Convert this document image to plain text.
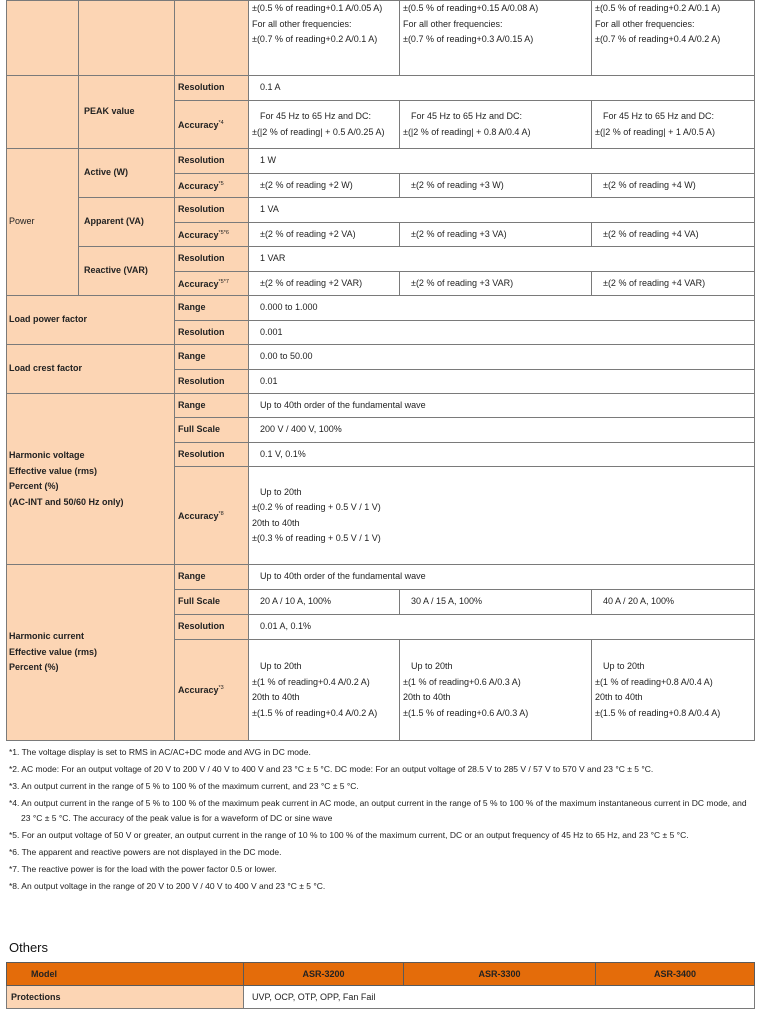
			±(0.5 % of reading+0.1 A/0.05 A)
For all other frequencies:
±(0.7 % of reading+0.2 A/0.1 A)	±(0.5 % of reading+0.15 A/0.08 A)
For all other frequencies:
±(0.7 % of reading+0.3 A/0.15 A)	±(0.5 % of reading+0.2 A/0.1 A)
For all other frequencies:
±(0.7 % of reading+0.4 A/0.2 A)

	PEAK value	Resolution	0.1 A		
		Accuracy$^{*4}$	For 45 Hz to 65 Hz and DC:
±(|2 % of reading| + 0.5 A/0.25 A)	For 45 Hz to 65 Hz and DC:
±(|2 % of reading| + 0.8 A/0.4 A)	For 45 Hz to 65 Hz and DC:
±(|2 % of reading| + 1 A/0.5 A)

Power	Active (W)	Resolution	1 W		
		Accuracy$^{*5}$	±(2 % of reading +2 W)	±(2 % of reading +3 W)	±(2 % of reading +4 W)
	Apparent (VA)	Resolution	1 VA		
		Accuracy$^{*5*6}$	±(2 % of reading +2 VA)	±(2 % of reading +3 VA)	±(2 % of reading +4 VA)
	Reactive (VAR)	Resolution	1 VAR		
		Accuracy$^{*5*7}$	±(2 % of reading +2 VAR)	±(2 % of reading +3 VAR)	±(2 % of reading +4 VAR)
Load power factor		Range	0.000 to 1.000		
		Resolution	0.001		
Load crest factor		Range	0.00 to 50.00		
		Resolution	0.01		

Harmonic voltage
Effective value (rms)
Percent (%)
(AC-INT and 50/60 Hz only)		Range	Up to 40th order of the fundamental wave		
		Full Scale	200 V / 400 V, 100%		
		Resolution	0.1 V, 0.1%		
		Accuracy$^{*8}$	Up to 20th
±(0.2 % of reading + 0.5 V / 1 V)
20th to 40th
±(0.3 % of reading + 0.5 V / 1 V)		

Harmonic current
Effective value (rms)
Percent (%)		Range	Up to 40th order of the fundamental wave		
		Full Scale	20 A / 10 A, 100%	30 A / 15 A, 100%	40 A / 20 A, 100%
		Resolution	0.01 A, 0.1%		
		Accuracy$^{*3}$	Up to 20th
±(1 % of reading+0.4 A/0.2 A)
20th to 40th
±(1.5 % of reading+0.4 A/0.2 A)	Up to 20th
±(1 % of reading+0.6 A/0.3 A)
20th to 40th
±(1.5 % of reading+0.6 A/0.3 A)	Up to 20th
±(1 % of reading+0.8 A/0.4 A)
20th to 40th
±(1.5 % of reading+0.8 A/0.4 A)
*1. The voltage display is set to RMS in AC/AC+DC mode and AVG in DC mode.
*2. AC mode: For an output voltage of 20 V to 200 V / 40 V to 400 V and 23 °C ± 5 °C. DC mode: For an output voltage of 28.5 V to 285 V / 57 V to 570 V and 23 °C ± 5 °C.
*3. An output current in the range of 5 % to 100 % of the maximum current, and 23 °C ± 5 °C.
*4. An output current in the range of 5 % to 100 % of the maximum peak current in AC mode, an output current in the range of 5 % to 100 % of the maximum instantaneous current in DC mode, and 23 °C ± 5 °C. The accuracy of the peak value is for a waveform of DC or sine wave
*5. For an output voltage of 50 V or greater, an output current in the range of 10 % to 100 % of the maximum current, DC or an output frequency of 45 Hz to 65 Hz, and 23 °C ± 5 °C.
*6. The apparent and reactive powers are not displayed in the DC mode.
*7. The reactive power is for the load with the power factor 0.5 or lower.
*8. An output voltage in the range of 20 V to 200 V / 40 V to 400 V and 23 °C ± 5 °C.
Others
Model	ASR-3200	ASR-3300	ASR-3400
Protections	UVP, OCP, OTP, OPP, Fan Fail		
